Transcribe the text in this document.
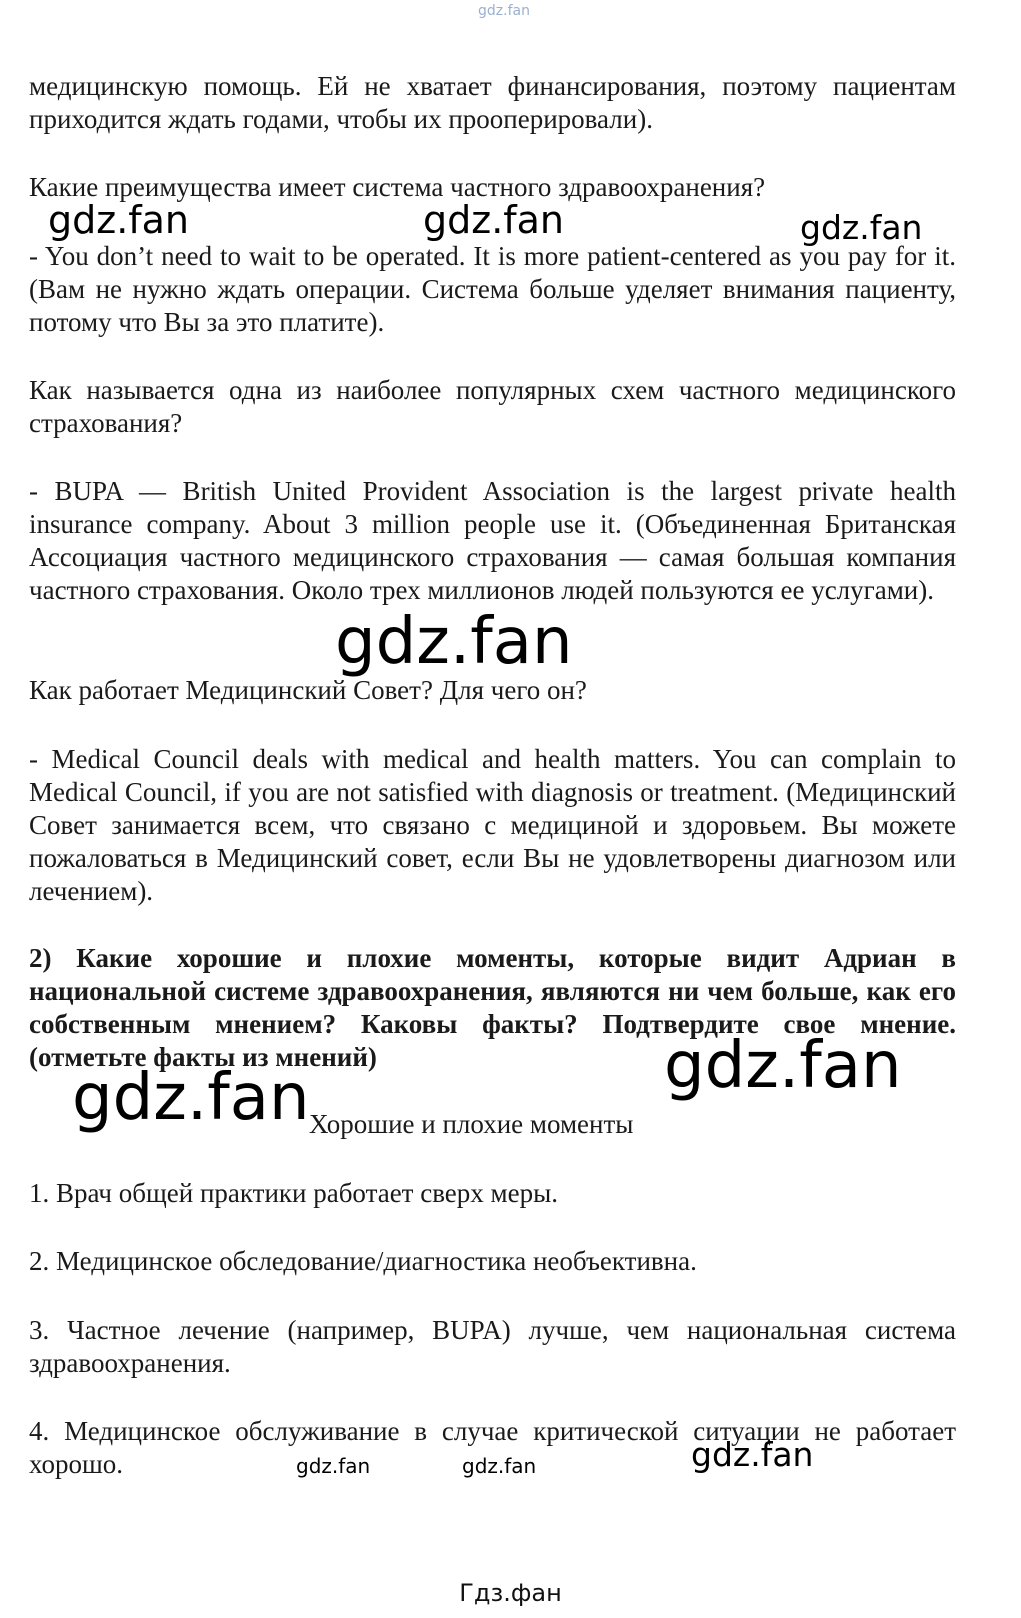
gdz.fan

медицинскую помощь. Ей не хватает финансирования, поэтому пациентам приходится ждать годами, чтобы их прооперировали).

Какие преимущества имеет система частного здравоохранения?

gdz.fan	gdz.fan	gdz.fan

- You don’t need to wait to be operated. It is more patient-centered as you pay for it. (Вам не нужно ждать операции. Система больше уделяет внимания пациенту, потому что Вы за это платите).

Как называется одна из наиболее популярных схем частного медицинского страхования?

- BUPA — British United Provident Association is the largest private health insurance company. About 3 million people use it. (Объединенная Британская Ассоциация частного медицинского страхования — самая большая компания частного страхования. Около трех миллионов людей пользуются ее услугами).

gdz.fan

Как работает Медицинский Совет? Для чего он?

- Medical Council deals with medical and health matters. You can complain to Medical Council, if you are not satisfied with diagnosis or treatment. (Медицинский Совет занимается всем, что связано с медициной и здоровьем. Вы можете пожаловаться в Медицинский совет, если Вы не удовлетворены диагнозом или лечением).

2) Какие хорошие и плохие моменты, которые видит Адриан в национальной системе здравоохранения, являются ни чем больше, как его собственным мнением? Каковы факты? Подтвердите свое мнение. (отметьте факты из мнений)	gdz.fan
gdz.fan Хорошие и плохие моменты

1. Врач общей практики работает сверх меры.

2. Медицинское обследование/диагностика необъективна.

3. Частное лечение (например, BUPA) лучше, чем национальная система здравоохранения.

4. Медицинское обслуживание в случае критической ситуации не работает хорошо.	gdz.fan	gdz.fan	gdz.fan
Гдз.фан
